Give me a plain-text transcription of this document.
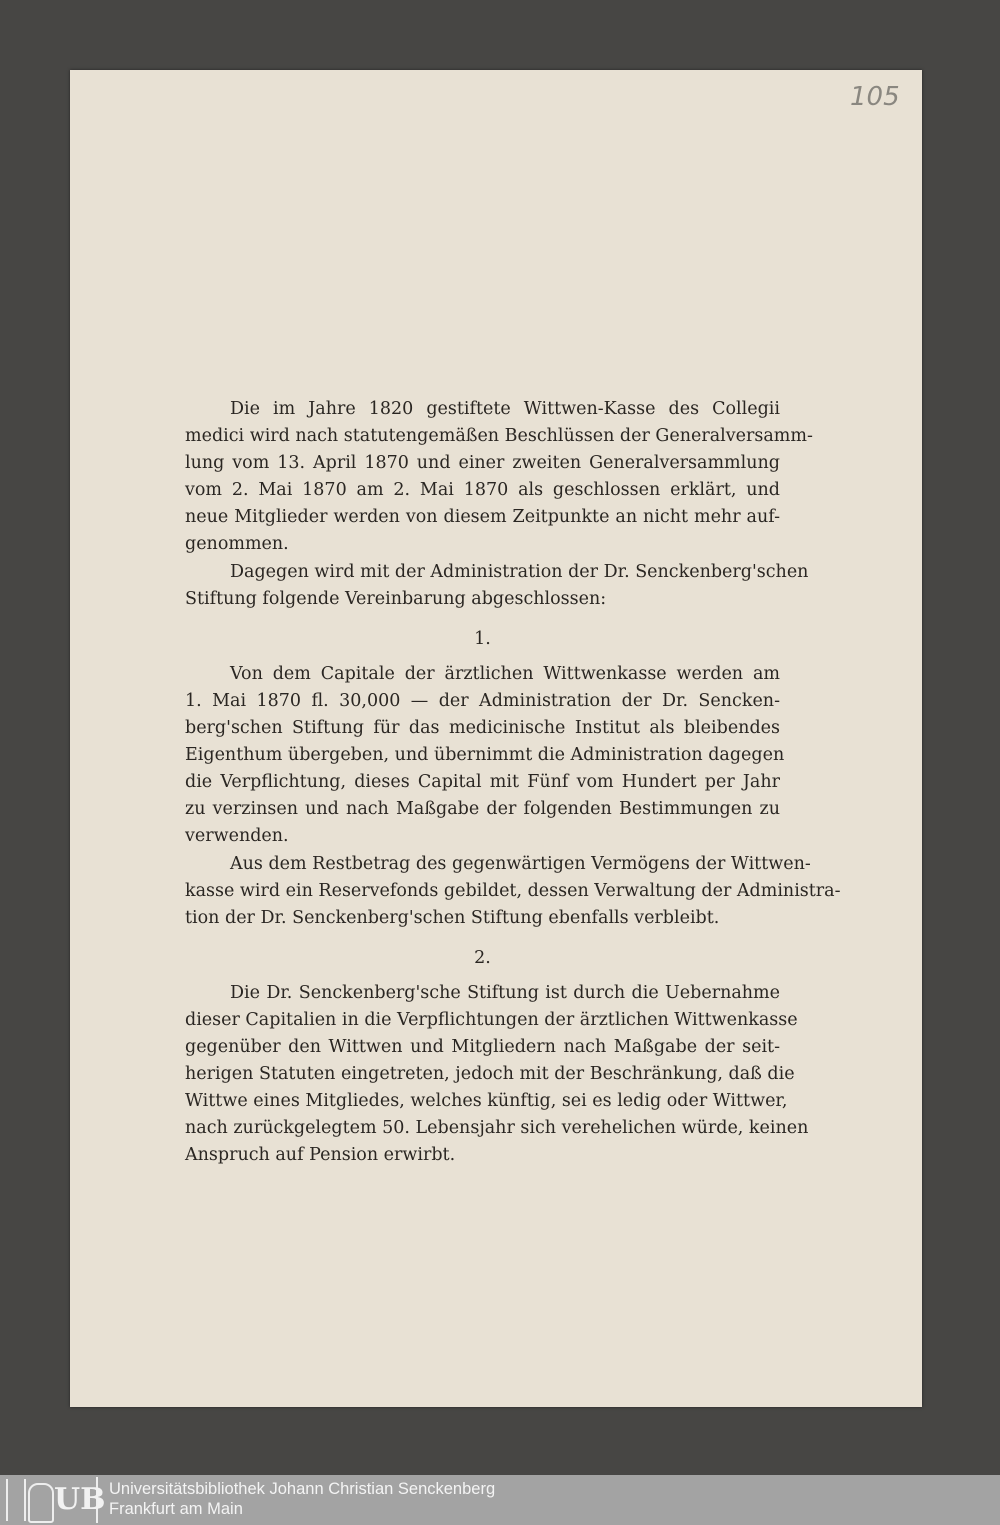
105
Die im Jahre 1820 gestiftete Wittwen-Kasse des Collegii
medici wird nach statutengemäßen Beschlüssen der Generalversamm-
lung vom 13. April 1870 und einer zweiten Generalversammlung
vom 2. Mai 1870 am 2. Mai 1870 als geschlossen erklärt, und
neue Mitglieder werden von diesem Zeitpunkte an nicht mehr auf-
genommen.
Dagegen wird mit der Administration der Dr. Senckenberg'schen
Stiftung folgende Vereinbarung abgeschlossen:
1.
Von dem Capitale der ärztlichen Wittwenkasse werden am
1. Mai 1870 fl. 30,000 — der Administration der Dr. Sencken-
berg'schen Stiftung für das medicinische Institut als bleibendes
Eigenthum übergeben, und übernimmt die Administration dagegen
die Verpflichtung, dieses Capital mit Fünf vom Hundert per Jahr
zu verzinsen und nach Maßgabe der folgenden Bestimmungen zu
verwenden.
Aus dem Restbetrag des gegenwärtigen Vermögens der Wittwen-
kasse wird ein Reservefonds gebildet, dessen Verwaltung der Administra-
tion der Dr. Senckenberg'schen Stiftung ebenfalls verbleibt.
2.
Die Dr. Senckenberg'sche Stiftung ist durch die Uebernahme
dieser Capitalien in die Verpflichtungen der ärztlichen Wittwenkasse
gegenüber den Wittwen und Mitgliedern nach Maßgabe der seit-
herigen Statuten eingetreten, jedoch mit der Beschränkung, daß die
Wittwe eines Mitgliedes, welches künftig, sei es ledig oder Wittwer,
nach zurückgelegtem 50. Lebensjahr sich verehelichen würde, keinen
Anspruch auf Pension erwirbt.
UB Universitätsbibliothek Johann Christian Senckenberg
Frankfurt am Main
